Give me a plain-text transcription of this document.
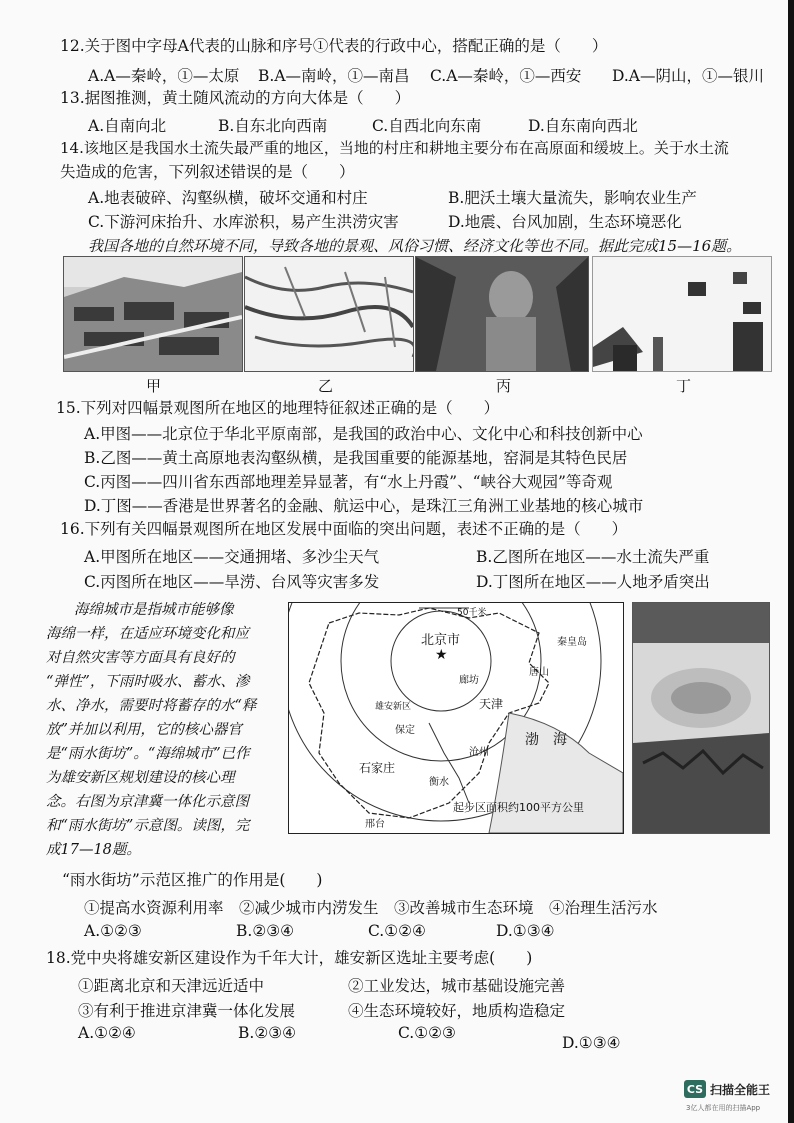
12.关于图中字母A代表的山脉和序号①代表的行政中心，搭配正确的是（　　）
A.A—秦岭，①—太原 B.A—南岭，①—南昌 C.A—秦岭，①—西安 D.A—阴山，①—银川
13.据图推测，黄土随风流动的方向大体是（　　）
A.自南向北	B.自东北向西南	C.自西北向东南	D.自东南向西北
14.该地区是我国水土流失最严重的地区，当地的村庄和耕地主要分布在高原面和缓坡上。关于水土流
失造成的危害，下列叙述错误的是（　　）
A.地表破碎、沟壑纵横，破坏交通和村庄	B.肥沃土壤大量流失，影响农业生产
C.下游河床抬升、水库淤积，易产生洪涝灾害	D.地震、台风加剧，生态环境恶化
我国各地的自然环境不同，导致各地的景观、风俗习惯、经济文化等也不同。据此完成15—16题。
甲	乙	丙	丁
15.下列对四幅景观图所在地区的地理特征叙述正确的是（　　）
A.甲图——北京位于华北平原南部，是我国的政治中心、文化中心和科技创新中心
B.乙图——黄土高原地表沟壑纵横，是我国重要的能源基地，窑洞是其特色民居
C.丙图——四川省东西部地理差异显著，有“水上丹霞”、“峡谷大观园”等奇观
D.丁图——香港是世界著名的金融、航运中心，是珠江三角洲工业基地的核心城市
16.下列有关四幅景观图所在地区发展中面临的突出问题，表述不正确的是（　　）
A.甲图所在地区——交通拥堵、多沙尘天气	B.乙图所在地区——水土流失严重
C.丙图所在地区——旱涝、台风等灾害多发	D.丁图所在地区——人地矛盾突出
海绵城市是指城市能够像
海绵一样，在适应环境变化和应
对自然灾害等方面具有良好的
“弹性”，下雨时吸水、蓄水、渗
水、净水，需要时将蓄存的水“释
放”并加以利用，它的核心器官
是“雨水街坊”。“海绵城市”已作
为雄安新区规划建设的核心理
念。右图为京津冀一体化示意图
和“雨水街坊”示意图。读图，完
成17—18题。
50千米
北京市
★
秦皇岛
唐山
廊坊
天津
雄安新区
保定
渤　海
沧州
石家庄
衡水
邢台
起步区面积约100平方公里
“雨水街坊”示范区推广的作用是(　　)
①提高水资源利用率　②减少城市内涝发生　③改善城市生态环境　④治理生活污水
A.①②③	B.②③④	C.①②④	D.①③④
18.党中央将雄安新区建设作为千年大计，雄安新区选址主要考虑(　　)
①距离北京和天津远近适中	②工业发达，城市基础设施完善
③有利于推进京津冀一体化发展	④生态环境较好，地质构造稳定
A.①②④	B.②③④	C.①②③
D.①③④
CS 扫描全能王
3亿人都在用的扫描App
